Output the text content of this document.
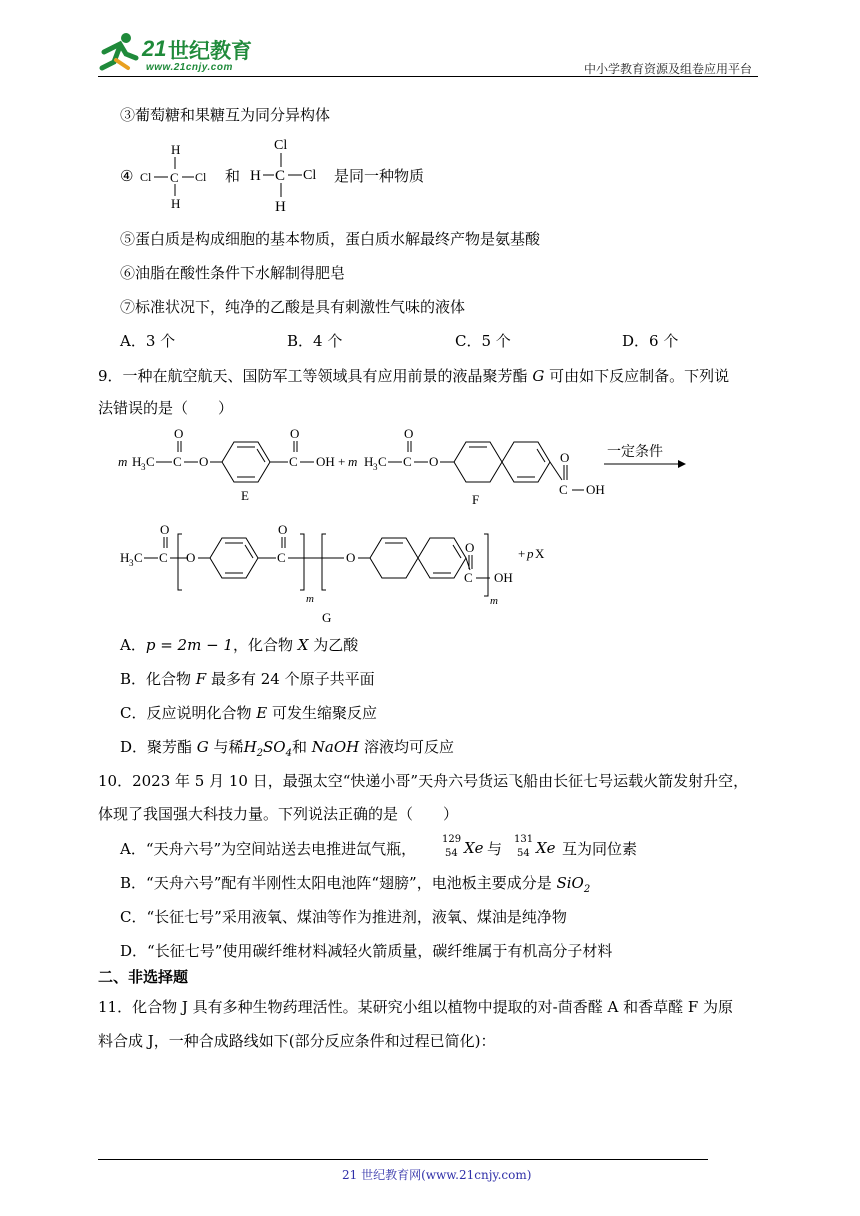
21 世纪教育
www.21cnjy.com	中小学教育资源及组卷应用平台
③葡萄糖和果糖互为同分异构体
④
H
Cl C Cl
H
和
Cl
H C Cl
H
是同一种物质
⑤蛋白质是构成细胞的基本物质，蛋白质水解最终产物是氨基酸
⑥油脂在酸性条件下水解制得肥皂
⑦标准状况下，纯净的乙酸是具有刺激性气味的液体
A．3 个	B．4 个	C．5 个	D．6 个
9．一种在航空航天、国防军工等领域具有应用前景的液晶聚芳酯 G 可由如下反应制备。下列说
法错误的是（　　）
m H 3 C C
O
O	C
O
OH
E
+ m H 3 C C
O
O
C
O
OH
F
一定条件
H 3 C C
O
O	C
O
m
O
C
O
OH
m
+ p X
G
A．p = 2m − 1，化合物 X 为乙酸
B．化合物 F 最多有 24 个原子共平面
C．反应说明化合物 E 可发生缩聚反应
D．聚芳酯 G 与稀$H_2SO_4$和 NaOH 溶液均可反应
10．2023 年 5 月 10 日，最强太空“快递小哥”天舟六号货运飞船由长征七号运载火箭发射升空，
体现了我国强大科技力量。下列说法正确的是（　　）
A．“天舟六号”为空间站送去电推进氙气瓶，
129
54 Xe 与
131
54 Xe 互为同位素
B．“天舟六号”配有半刚性太阳电池阵“翅膀”，电池板主要成分是 SiO$_2$
C．“长征七号”采用液氧、煤油等作为推进剂，液氧、煤油是纯净物
D．“长征七号”使用碳纤维材料减轻火箭质量，碳纤维属于有机高分子材料
二、非选择题
11．化合物 J 具有多种生物药理活性。某研究小组以植物中提取的对-茴香醛 A 和香草醛 F 为原
料合成 J，一种合成路线如下(部分反应条件和过程已简化)：
21 世纪教育网(www.21cnjy.com)
